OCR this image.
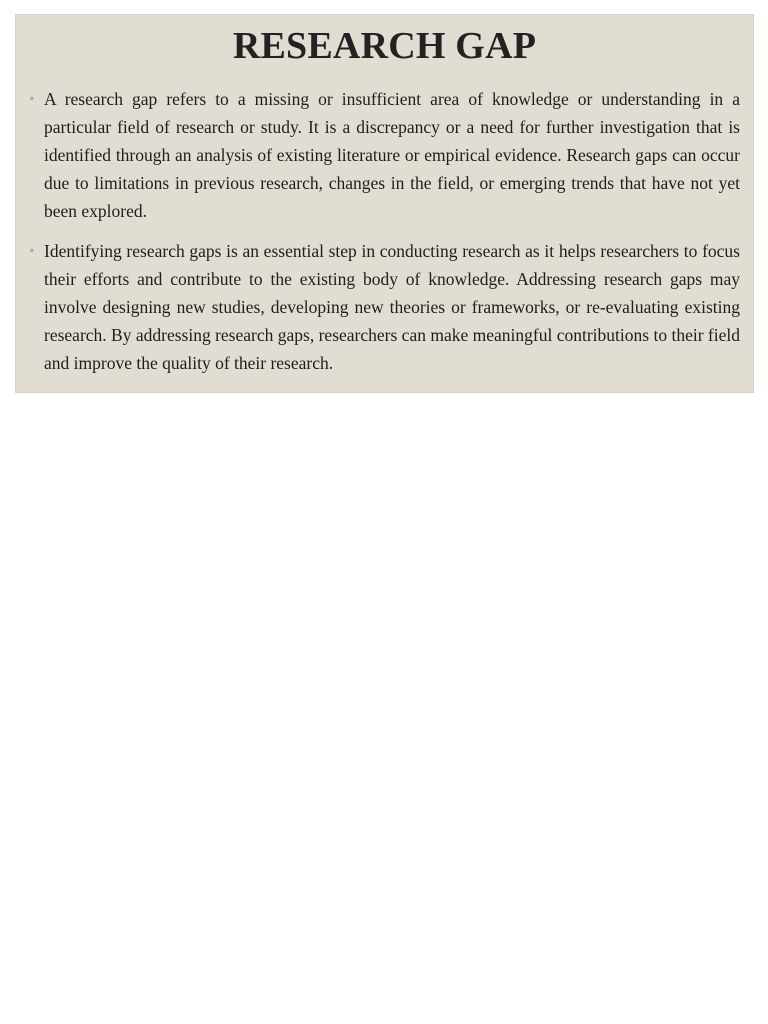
RESEARCH GAP
◦ A research gap refers to a missing or insufficient area of knowledge or understanding in a particular field of research or study. It is a discrepancy or a need for further investigation that is identified through an analysis of existing literature or empirical evidence. Research gaps can occur due to limitations in previous research, changes in the field, or emerging trends that have not yet been explored.
◦ Identifying research gaps is an essential step in conducting research as it helps researchers to focus their efforts and contribute to the existing body of knowledge. Addressing research gaps may involve designing new studies, developing new theories or frameworks, or re-evaluating existing research. By addressing research gaps, researchers can make meaningful contributions to their field and improve the quality of their research.
